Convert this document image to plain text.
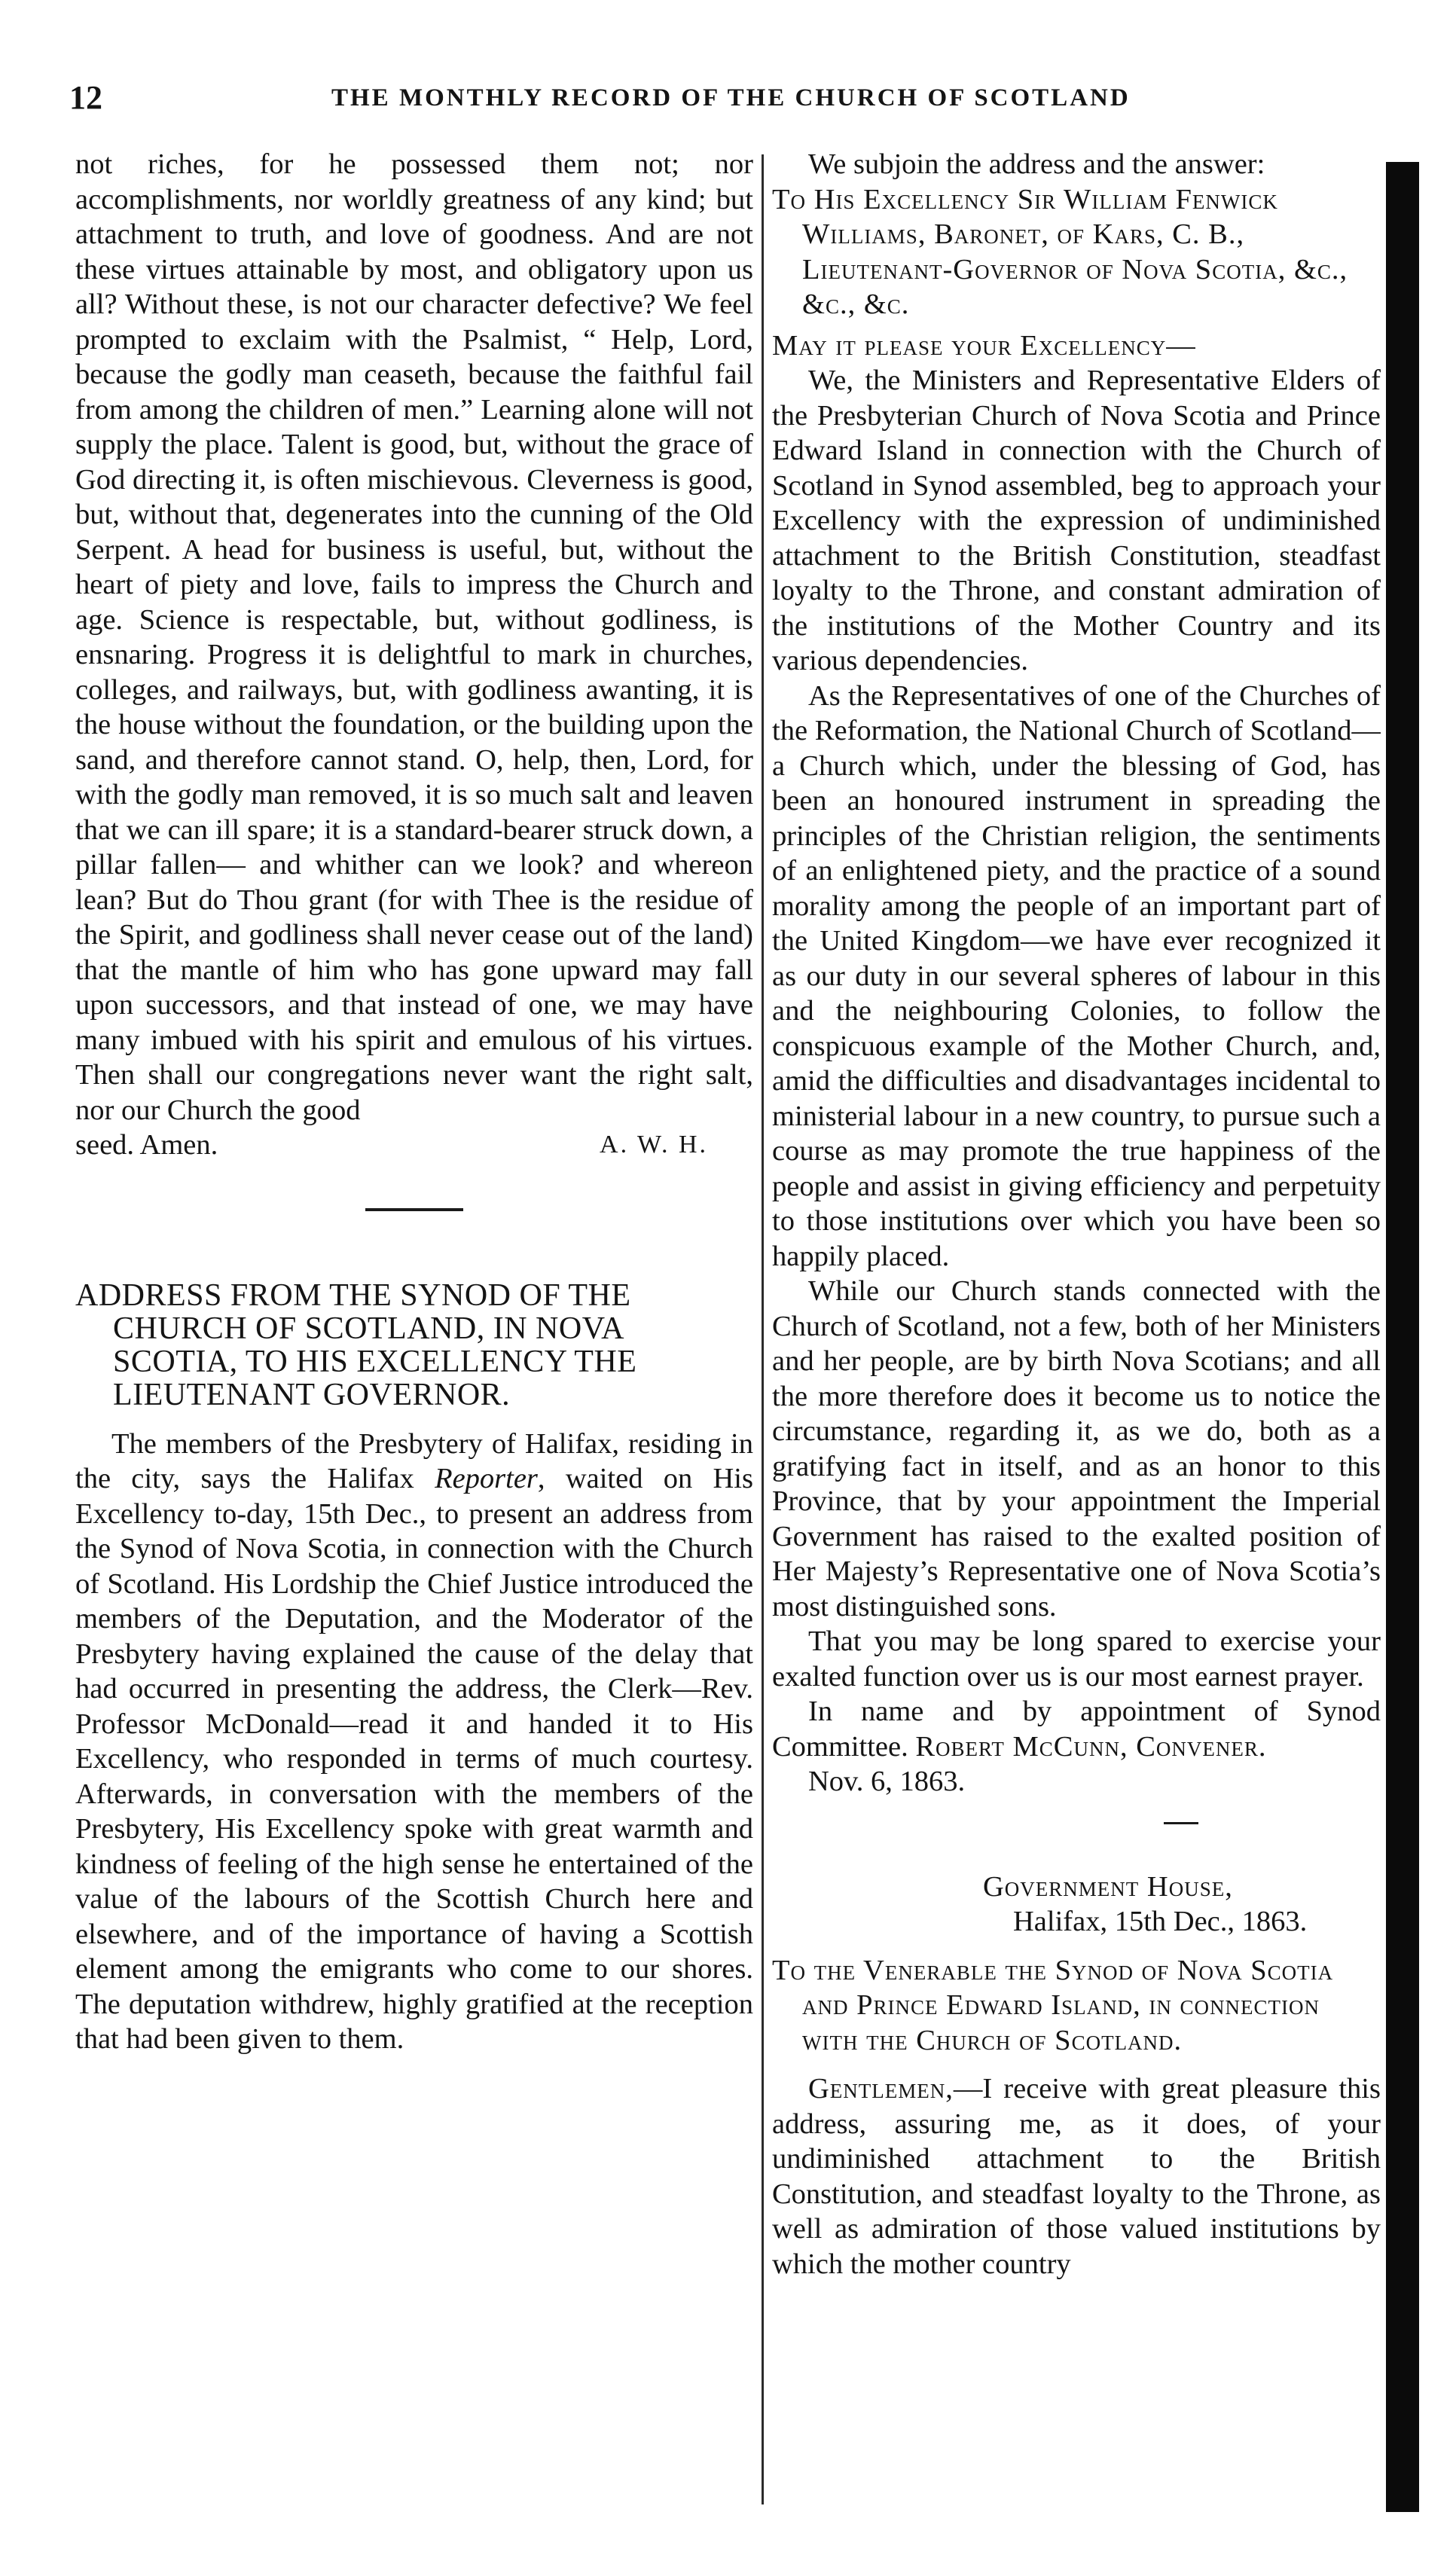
12	THE MONTHLY RECORD OF THE CHURCH OF SCOTLAND

not riches, for he possessed them not; nor accomplishments, nor worldly greatness of any kind; but attachment to truth, and love of goodness. And are not these virtues attainable by most, and obligatory upon us all? Without these, is not our character defective? We feel prompted to exclaim with the Psalmist, “ Help, Lord, because the godly man ceaseth, because the faithful fail from among the children of men.” Learning alone will not supply the place. Talent is good, but, without the grace of God directing it, is often mischievous. Cleverness is good, but, without that, degenerates into the cunning of the Old Serpent. A head for business is useful, but, without the heart of piety and love, fails to impress the Church and age. Science is respectable, but, without godliness, is ensnaring. Progress it is delightful to mark in churches, colleges, and railways, but, with godliness awanting, it is the house without the foundation, or the building upon the sand, and therefore cannot stand. O, help, then, Lord, for with the godly man removed, it is so much salt and leaven that we can ill spare; it is a standard-bearer struck down, a pillar fallen— and whither can we look? and whereon lean? But do Thou grant (for with Thee is the residue of the Spirit, and godliness shall never cease out of the land) that the mantle of him who has gone upward may fall upon successors, and that instead of one, we may have many imbued with his spirit and emulous of his virtues. Then shall our congregations never want the right salt, nor our Church the good

seed. Amen.	A. W. H.

ADDRESS FROM THE SYNOD OF THE CHURCH OF SCOTLAND, IN NOVA SCOTIA, TO HIS EXCELLENCY THE LIEUTENANT GOVERNOR.

The members of the Presbytery of Halifax, residing in the city, says the Halifax Reporter, waited on His Excellency to-day, 15th Dec., to present an address from the Synod of Nova Scotia, in connection with the Church of Scotland. His Lordship the Chief Justice introduced the members of the Deputation, and the Moderator of the Presbytery having explained the cause of the delay that had occurred in presenting the address, the Clerk—Rev. Professor McDonald—read it and handed it to His Excellency, who responded in terms of much courtesy. Afterwards, in conversation with the members of the Presbytery, His Excellency spoke with great warmth and kindness of feeling of the high sense he entertained of the value of the labours of the Scottish Church here and elsewhere, and of the importance of having a Scottish element among the emigrants who come to our shores. The deputation withdrew, highly gratified at the reception that had been given to them.

We subjoin the address and the answer:

To His Excellency Sir William Fenwick Williams, Baronet, of Kars, C. B., Lieutenant-Governor of Nova Scotia, &c., &c., &c.

May it please your Excellency—

We, the Ministers and Representative Elders of the Presbyterian Church of Nova Scotia and Prince Edward Island in connection with the Church of Scotland in Synod assembled, beg to approach your Excellency with the expression of undiminished attachment to the British Constitution, steadfast loyalty to the Throne, and constant admiration of the institutions of the Mother Country and its various dependencies.

As the Representatives of one of the Churches of the Reformation, the National Church of Scotland—a Church which, under the blessing of God, has been an honoured instrument in spreading the principles of the Christian religion, the sentiments of an enlightened piety, and the practice of a sound morality among the people of an important part of the United Kingdom—we have ever recognized it as our duty in our several spheres of labour in this and the neighbouring Colonies, to follow the conspicuous example of the Mother Church, and, amid the difficulties and disadvantages incidental to ministerial labour in a new country, to pursue such a course as may promote the true happiness of the people and assist in giving efficiency and perpetuity to those institutions over which you have been so happily placed.

While our Church stands connected with the Church of Scotland, not a few, both of her Ministers and her people, are by birth Nova Scotians; and all the more therefore does it become us to notice the circumstance, regarding it, as we do, both as a gratifying fact in itself, and as an honor to this Province, that by your appointment the Imperial Government has raised to the exalted position of Her Majesty’s Representative one of Nova Scotia’s most distinguished sons.

That you may be long spared to exercise your exalted function over us is our most earnest prayer.

In name and by appointment of Synod Committee. Robert McCunn, Convener.

Nov. 6, 1863.

Government House,

Halifax, 15th Dec., 1863.

To the Venerable the Synod of Nova Scotia and Prince Edward Island, in connection with the Church of Scotland.

Gentlemen,—I receive with great pleasure this address, assuring me, as it does, of your undiminished attachment to the British Constitution, and steadfast loyalty to the Throne, as well as admiration of those valued institutions by which the mother country
